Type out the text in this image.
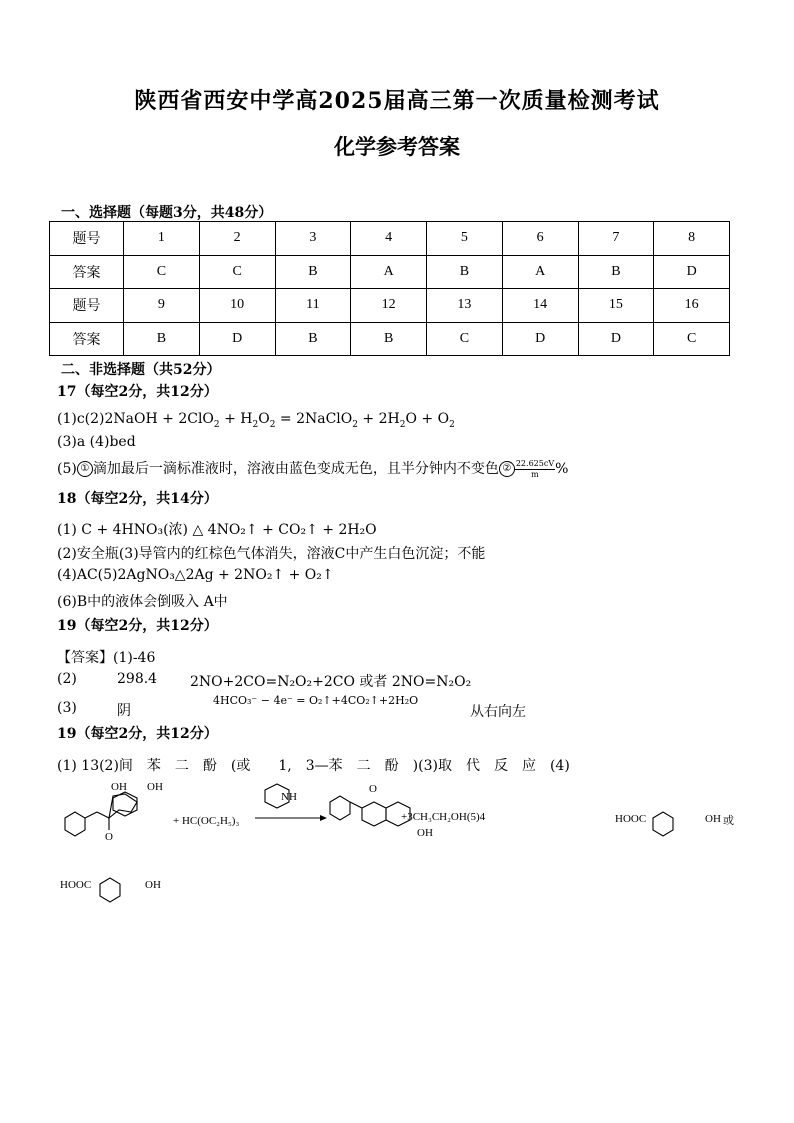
陕西省西安中学高2025届高三第一次质量检测考试
化学参考答案
一、选择题（每题3分，共48分）
题号	1	2	3	4	5	6	7	8
答案	C	C	B	A	B	A	B	D
题号	9	10	11	12	13	14	15	16
答案	B	D	B	B	C	D	D	C
二、非选择题（共52分）
17（每空2分，共12分）
(1)c(2)2NaOH + $2ClO_2 + H_2O_2$ = 2NaClO$_2$ + $2H_2O + O_2$
(3)a (4)bed
(5) ① 滴加最后一滴标准液时，溶液由蓝色变成无色，且半分钟内不变色 ② $\frac{22.625cV}{m}$ %
18（每空2分，共14分）
(1) C + 4HNO₃(浓) △ 4NO₂↑ + CO₂↑ + 2H₂O
(2)安全瓶(3)导管内的红棕色气体消失，溶液C中产生白色沉淀；不能
(4)AC(5)2AgNO₃△2Ag + 2NO₂↑ + O₂↑
(6)B中的液体会倒吸入 A中
19（每空2分，共12分）
【答案】(1)-46
(2)	298.4 2NO+2CO=N₂O₂+2CO 或者 2NO=N₂O₂
(3)	阴
4HCO₃⁻ − 4e⁻ = O₂↑+4CO₂↑+2H₂O
从右向左
19（每空2分，共12分）
(1) 13(2)间　苯　二　酚　(或　　1,　3—苯　二　酚　)(3)取　代　反　应　(4)
O
OH OH
+ HC(OC₂H₅)₃
NH
O
OH
+3CH₃CH₂OH(5)4	HOOC	OH 或
HOOC	OH
